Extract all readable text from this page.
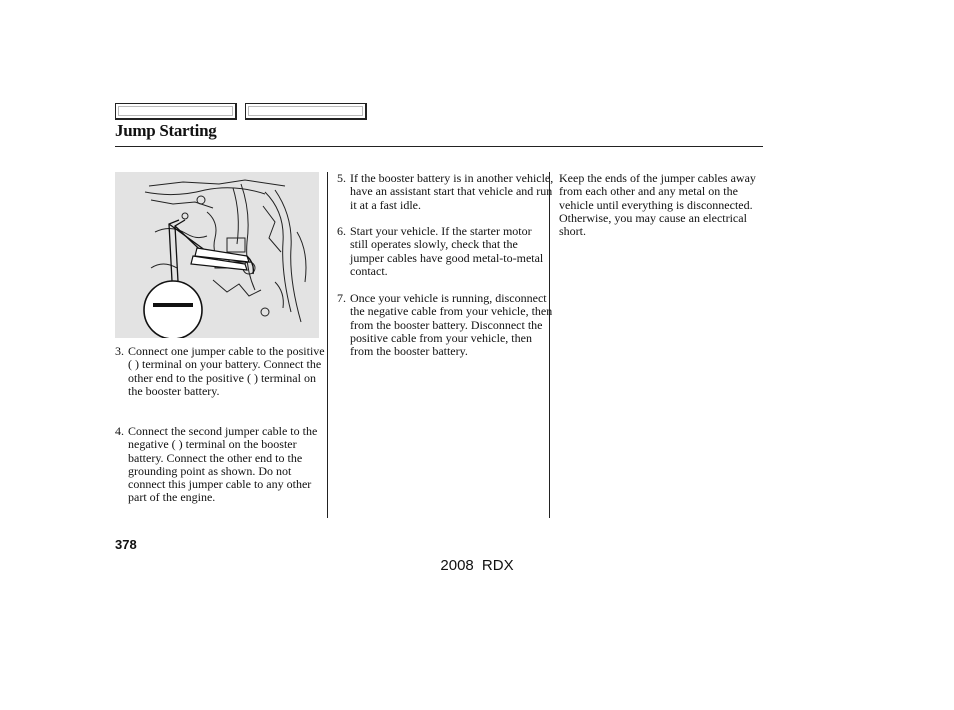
Jump Starting
3. Connect one jumper cable to the positive ( ) terminal on your battery. Connect the other end to the positive ( ) terminal on the booster battery.
4. Connect the second jumper cable to the negative ( ) terminal on the booster battery. Connect the other end to the grounding point as shown. Do not connect this jumper cable to any other part of the engine.
5. If the booster battery is in another vehicle, have an assistant start that vehicle and run it at a fast idle.
6. Start your vehicle. If the starter motor still operates slowly, check that the jumper cables have good metal-to-metal contact.
7. Once your vehicle is running, disconnect the negative cable from your vehicle, then from the booster battery. Disconnect the positive cable from your vehicle, then from the booster battery.
Keep the ends of the jumper cables away from each other and any metal on the vehicle until everything is disconnected. Otherwise, you may cause an electrical short.
378
2008 RDX
